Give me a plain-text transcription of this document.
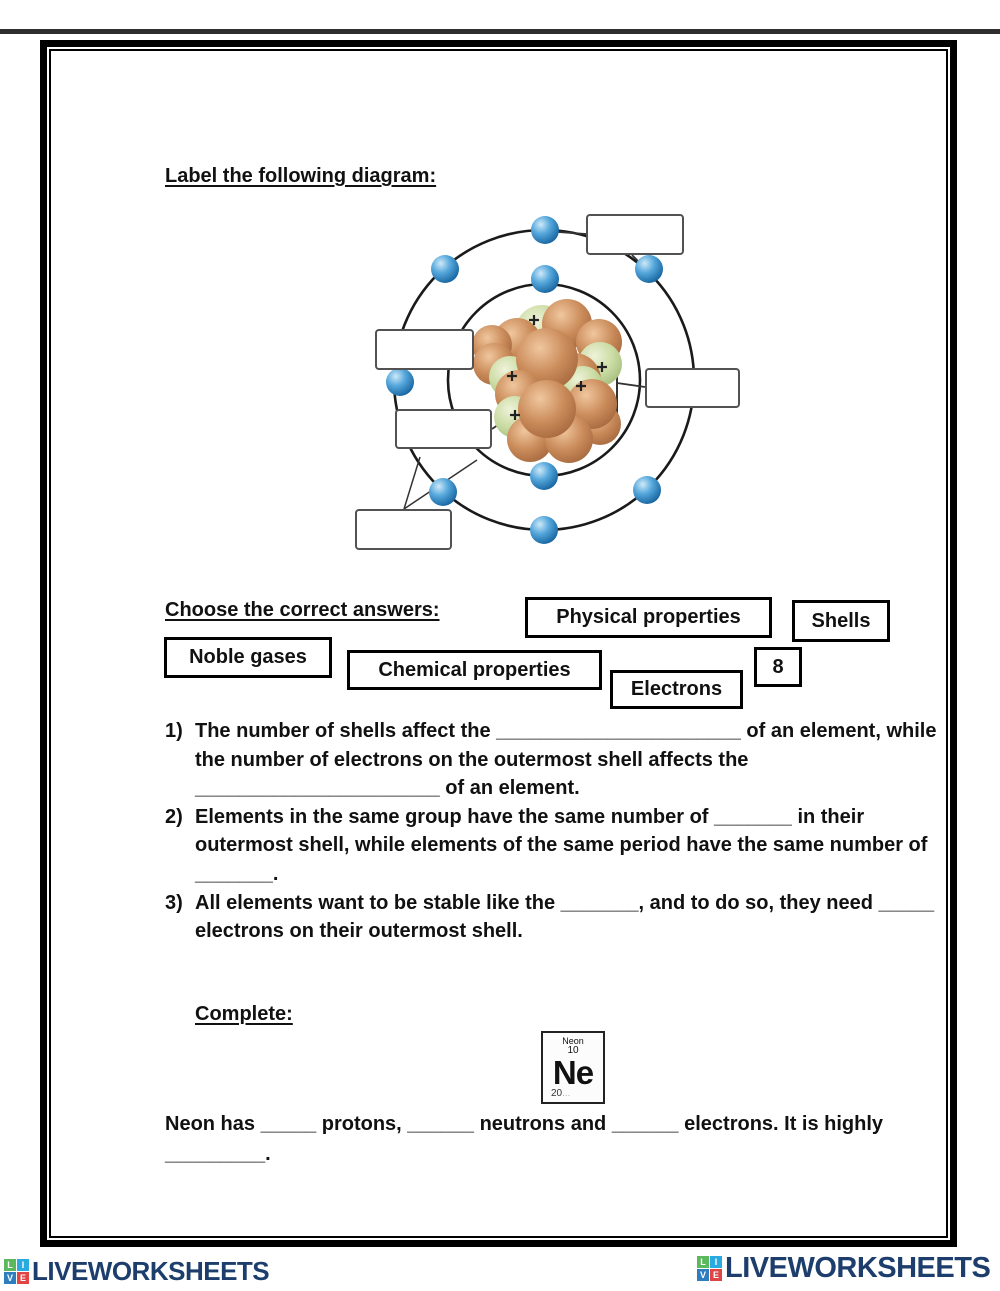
Label the following diagram:
Choose the correct answers:	Physical properties	Shells
Noble gases
Chemical properties
Electrons
8
1) The number of shells affect the ______________________ of an element, while the number of electrons on the outermost shell affects the ______________________ of an element.
2) Elements in the same group have the same number of _______ in their outermost shell, while elements of the same period have the same number of _______.
3) All elements want to be stable like the _______, and to do so, they need _____ electrons on their outermost shell.
Complete:
Neon
10
Ne
20...
Neon has _____ protons, ______ neutrons and ______ electrons. It is highly _________.
L I
V E LIVEWORKSHEETS	L I
V E LIVEWORKSHEETS
